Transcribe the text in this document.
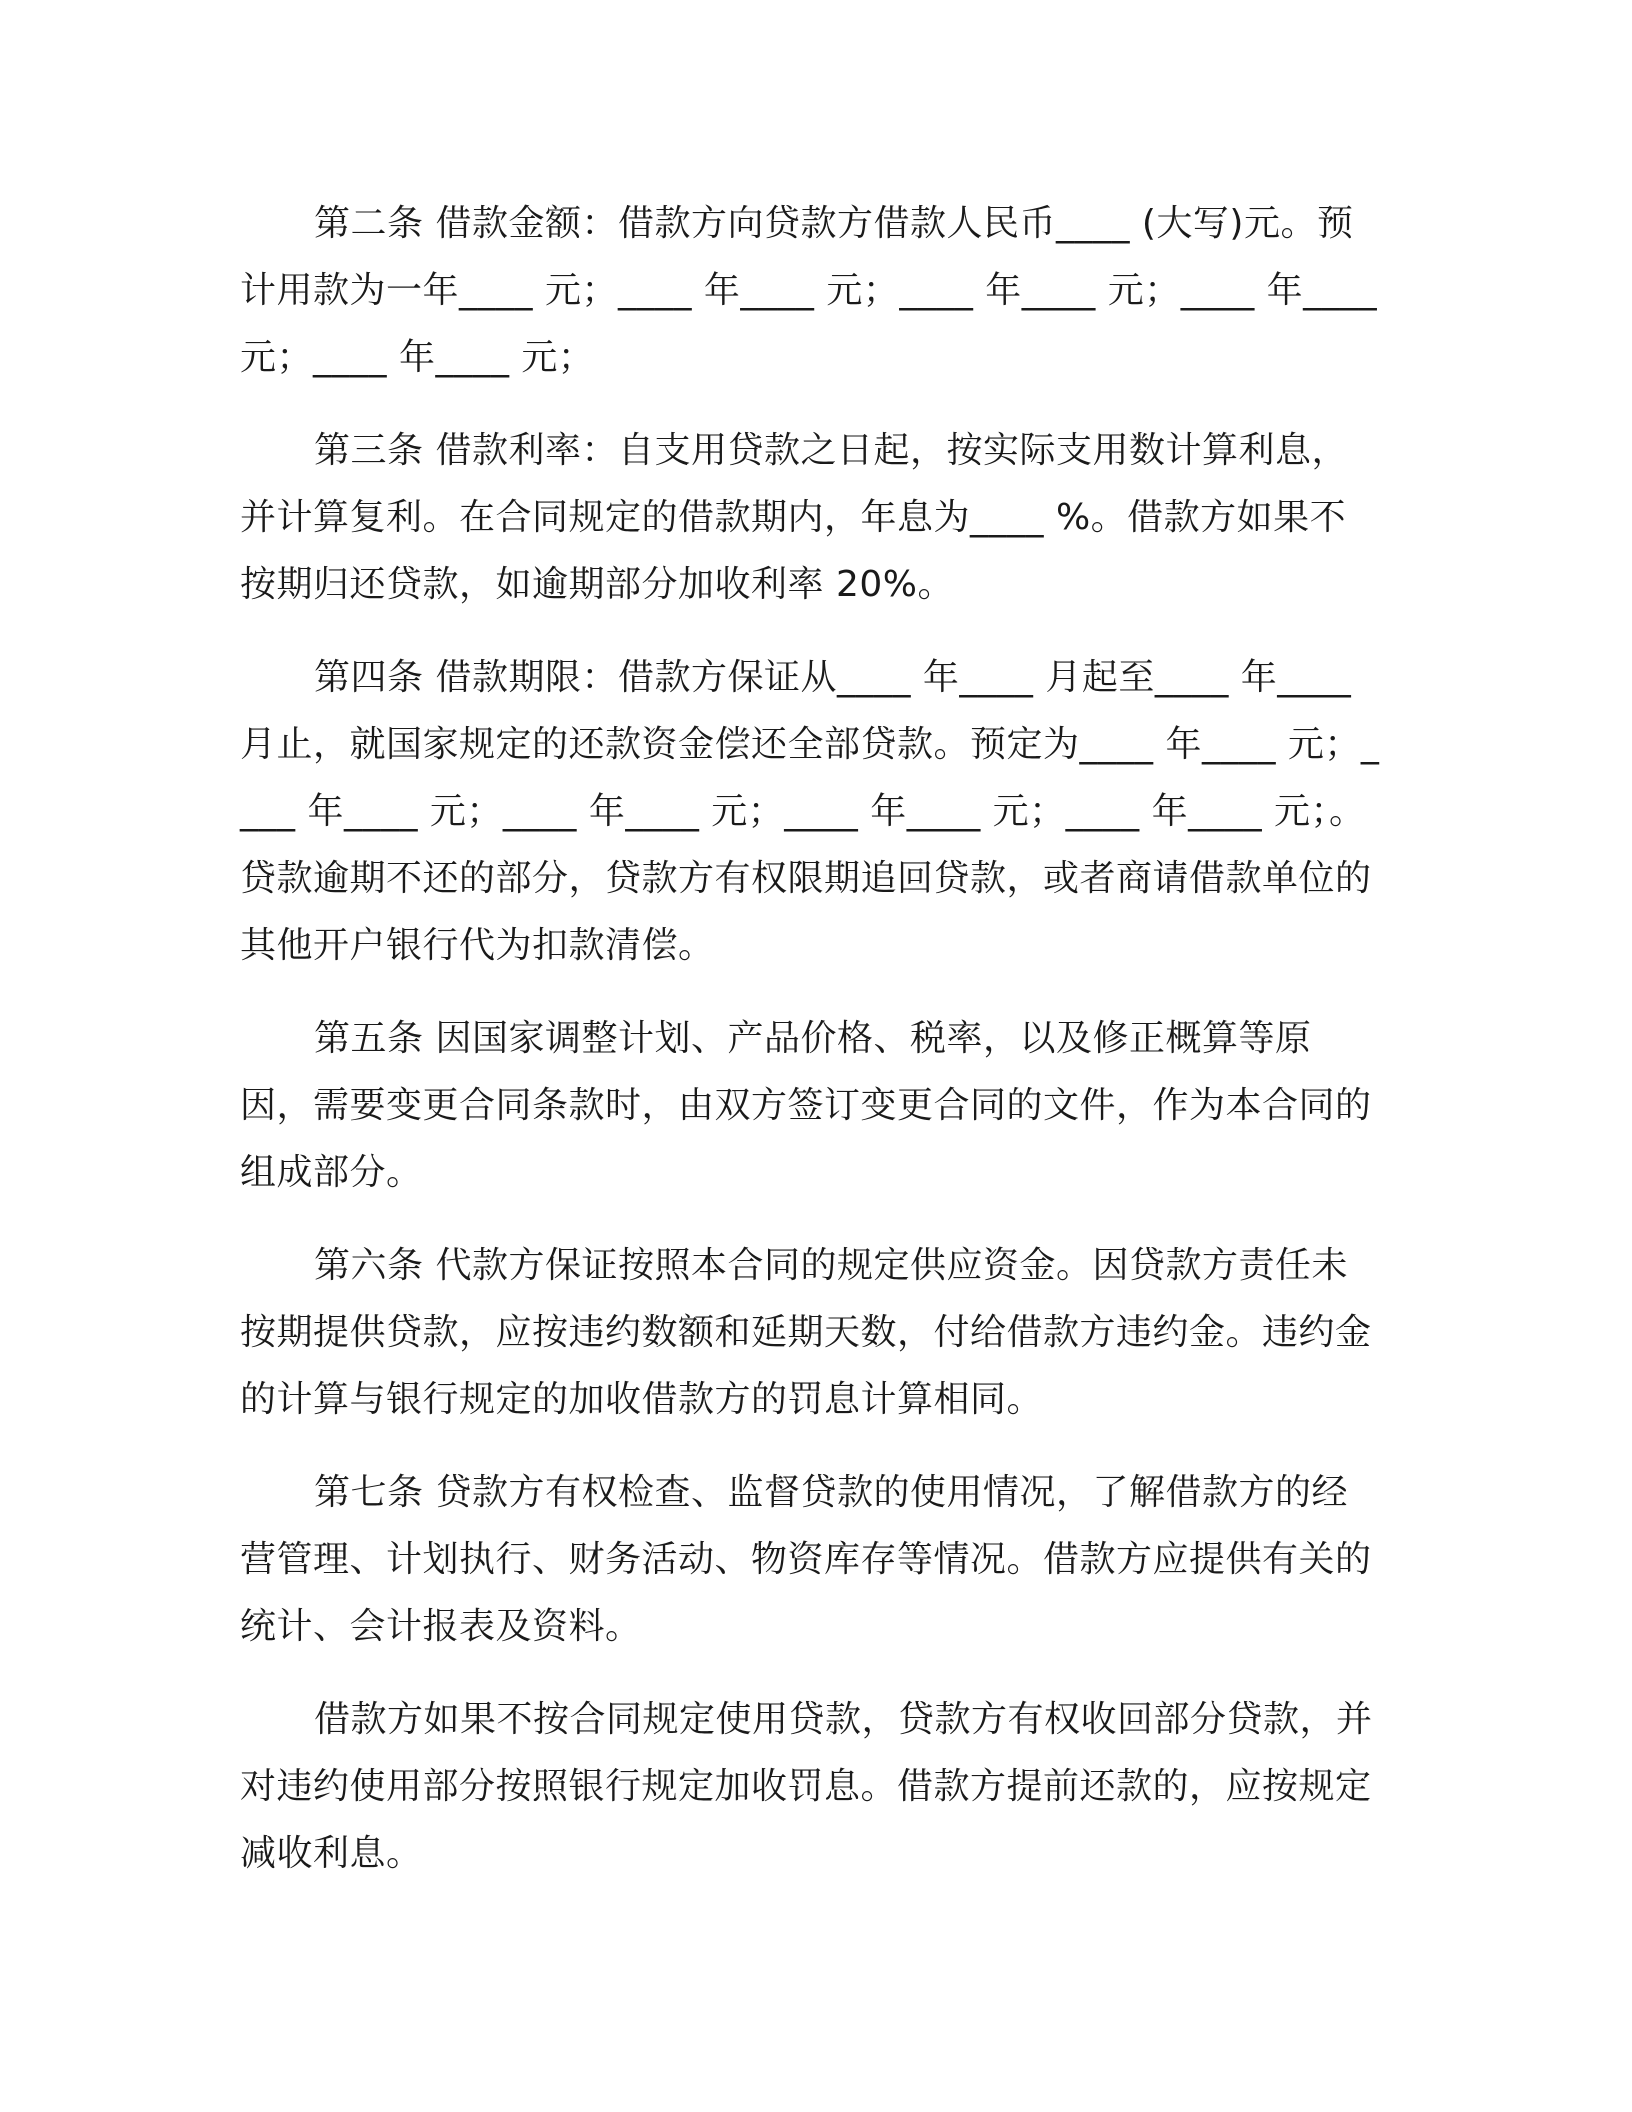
第二条 借款金额：借款方向贷款方借款人民币____ (大写)元。预计用款为一年____ 元；____ 年____ 元；____ 年____ 元；____ 年____ 元；____ 年____ 元；

第三条 借款利率：自支用贷款之日起，按实际支用数计算利息，并计算复利。在合同规定的借款期内，年息为____ %。借款方如果不按期归还贷款，如逾期部分加收利率 20%。

第四条 借款期限：借款方保证从____ 年____ 月起至____ 年____ 月止，就国家规定的还款资金偿还全部贷款。预定为____ 年____ 元；____ 年____ 元；____ 年____ 元；____ 年____ 元；____ 年____ 元；。贷款逾期不还的部分，贷款方有权限期追回贷款，或者商请借款单位的其他开户银行代为扣款清偿。

第五条 因国家调整计划、产品价格、税率，以及修正概算等原因，需要变更合同条款时，由双方签订变更合同的文件，作为本合同的组成部分。

第六条 代款方保证按照本合同的规定供应资金。因贷款方责任未按期提供贷款，应按违约数额和延期天数，付给借款方违约金。违约金的计算与银行规定的加收借款方的罚息计算相同。

第七条 贷款方有权检查、监督贷款的使用情况，了解借款方的经营管理、计划执行、财务活动、物资库存等情况。借款方应提供有关的统计、会计报表及资料。

借款方如果不按合同规定使用贷款，贷款方有权收回部分贷款，并对违约使用部分按照银行规定加收罚息。借款方提前还款的，应按规定减收利息。
